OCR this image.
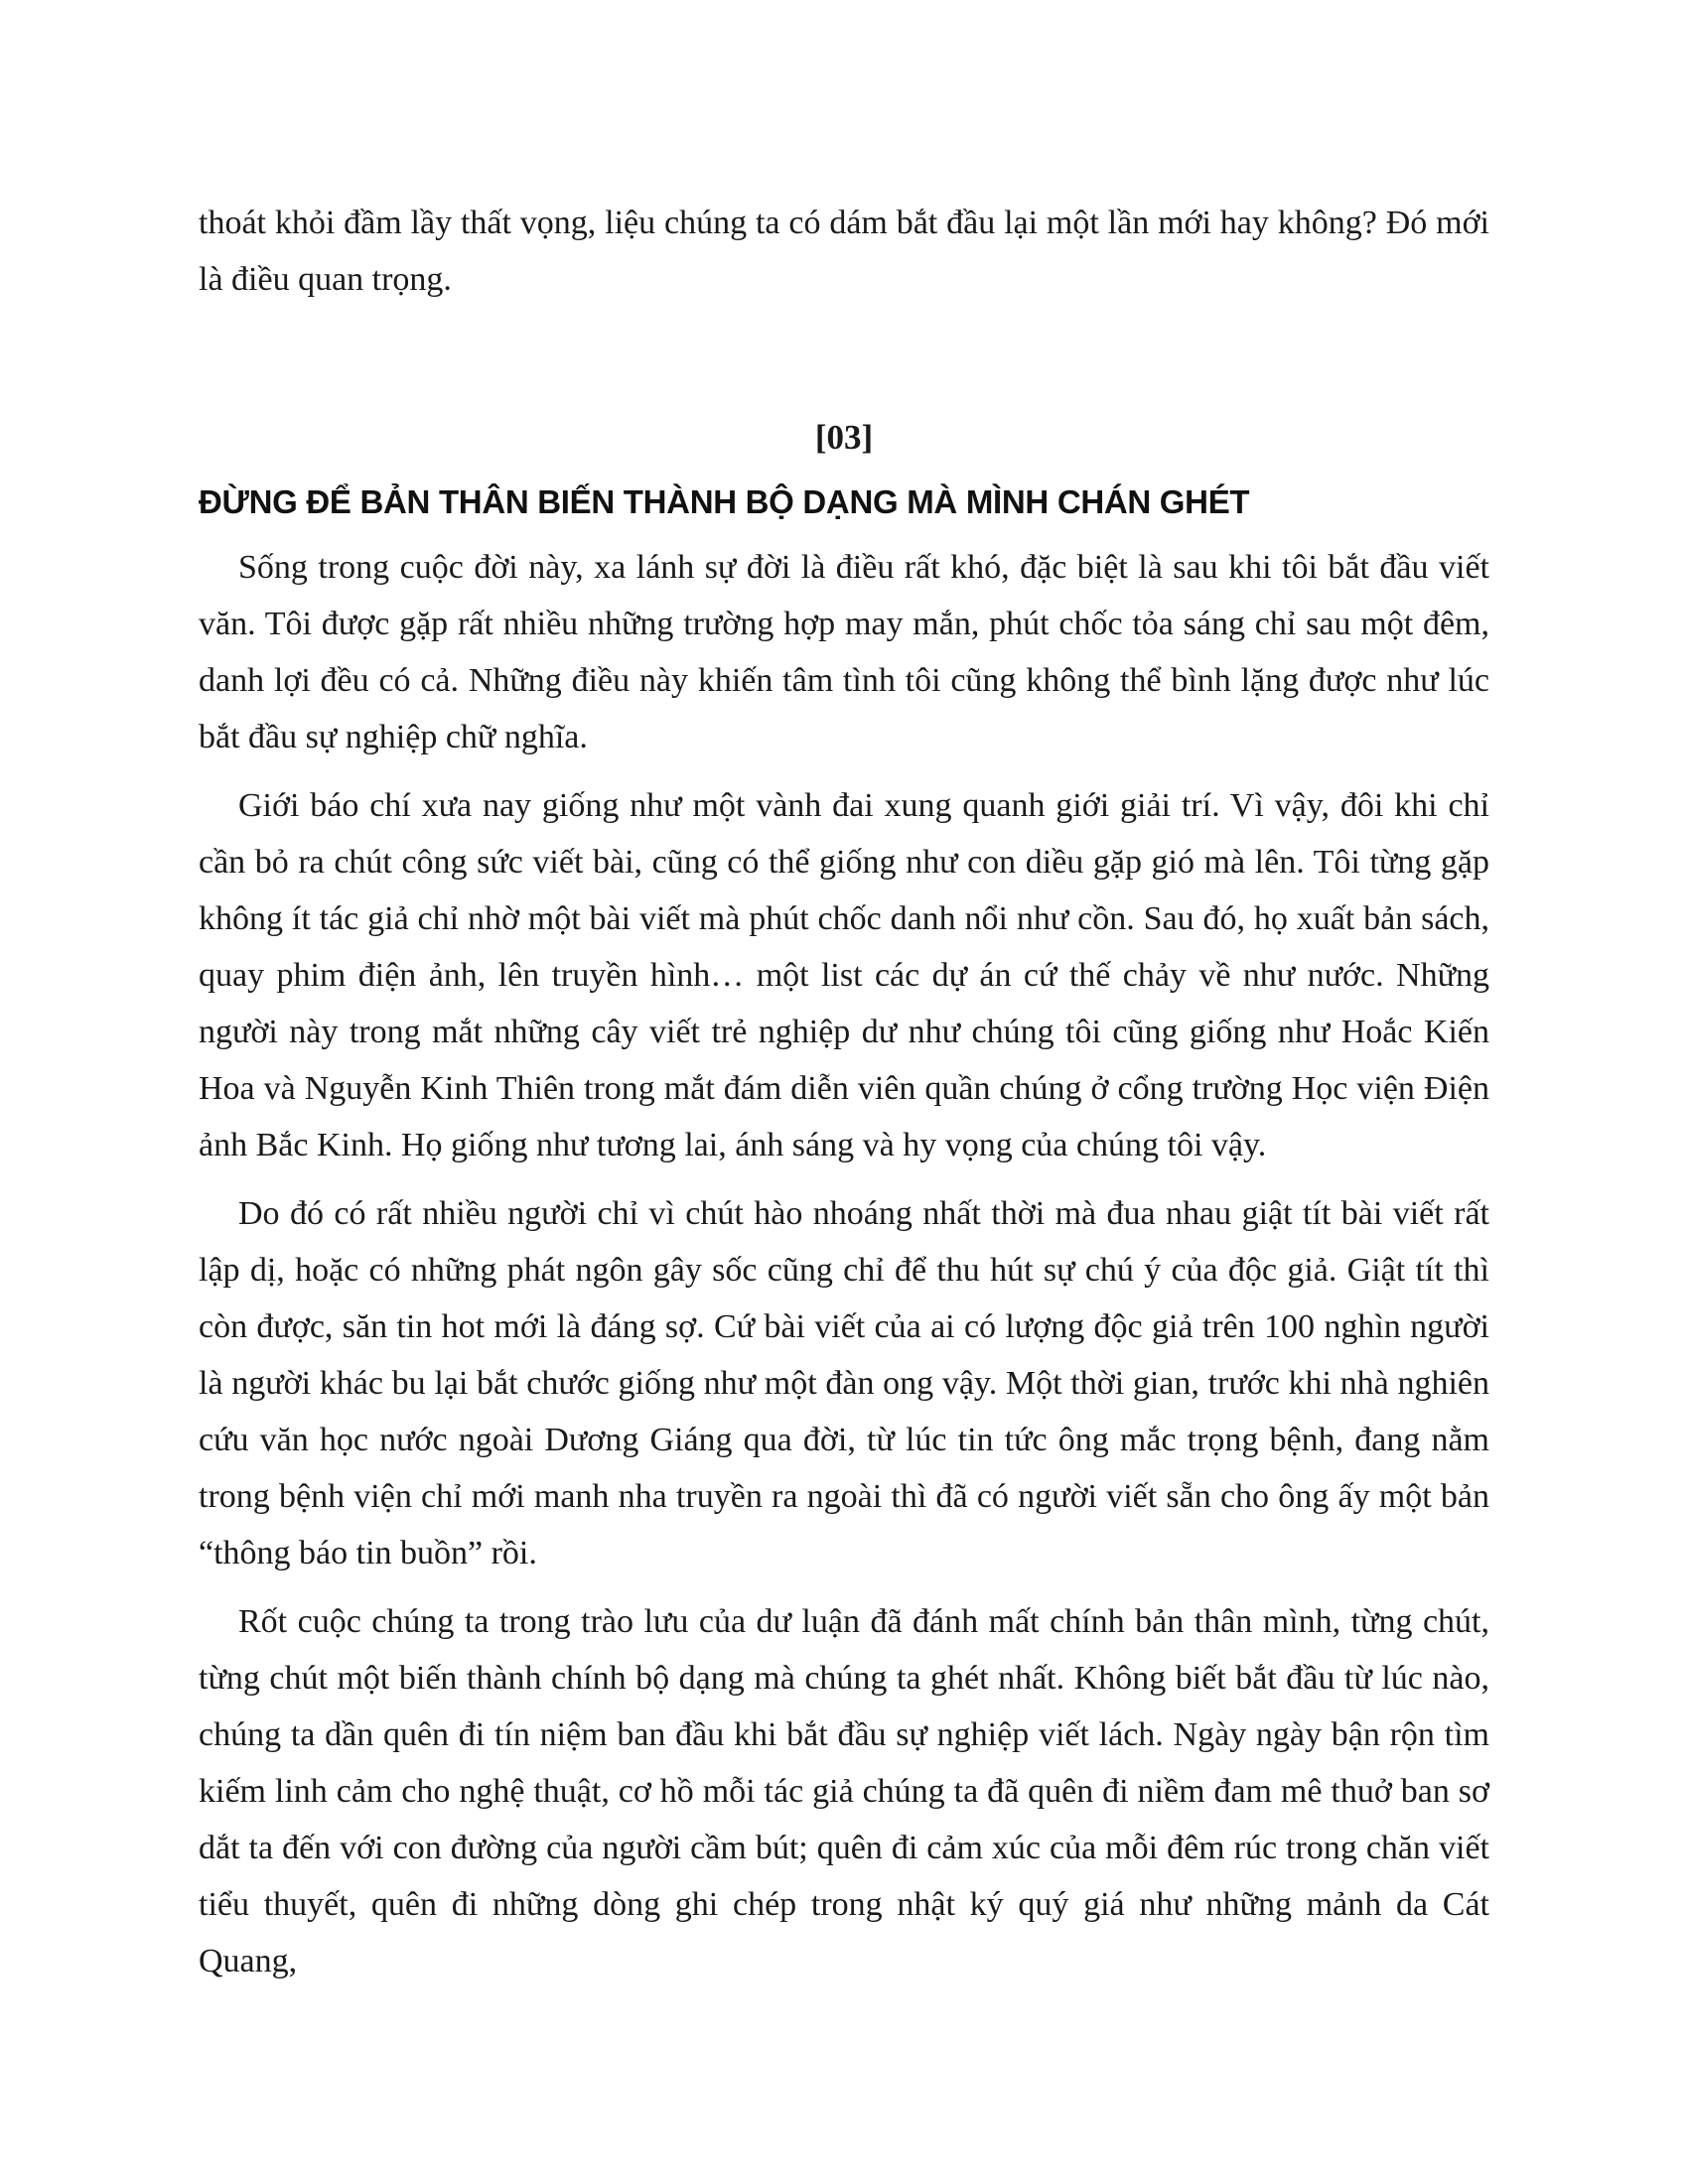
thoát khỏi đầm lầy thất vọng, liệu chúng ta có dám bắt đầu lại một lần mới hay không? Đó mới là điều quan trọng.

[03]
ĐỪNG ĐỂ BẢN THÂN BIẾN THÀNH BỘ DẠNG MÀ MÌNH CHÁN GHÉT

Sống trong cuộc đời này, xa lánh sự đời là điều rất khó, đặc biệt là sau khi tôi bắt đầu viết văn. Tôi được gặp rất nhiều những trường hợp may mắn, phút chốc tỏa sáng chỉ sau một đêm, danh lợi đều có cả. Những điều này khiến tâm tình tôi cũng không thể bình lặng được như lúc bắt đầu sự nghiệp chữ nghĩa.

Giới báo chí xưa nay giống như một vành đai xung quanh giới giải trí. Vì vậy, đôi khi chỉ cần bỏ ra chút công sức viết bài, cũng có thể giống như con diều gặp gió mà lên. Tôi từng gặp không ít tác giả chỉ nhờ một bài viết mà phút chốc danh nổi như cồn. Sau đó, họ xuất bản sách, quay phim điện ảnh, lên truyền hình… một list các dự án cứ thế chảy về như nước. Những người này trong mắt những cây viết trẻ nghiệp dư như chúng tôi cũng giống như Hoắc Kiến Hoa và Nguyễn Kinh Thiên trong mắt đám diễn viên quần chúng ở cổng trường Học viện Điện ảnh Bắc Kinh. Họ giống như tương lai, ánh sáng và hy vọng của chúng tôi vậy.

Do đó có rất nhiều người chỉ vì chút hào nhoáng nhất thời mà đua nhau giật tít bài viết rất lập dị, hoặc có những phát ngôn gây sốc cũng chỉ để thu hút sự chú ý của độc giả. Giật tít thì còn được, săn tin hot mới là đáng sợ. Cứ bài viết của ai có lượng độc giả trên 100 nghìn người là người khác bu lại bắt chước giống như một đàn ong vậy. Một thời gian, trước khi nhà nghiên cứu văn học nước ngoài Dương Giáng qua đời, từ lúc tin tức ông mắc trọng bệnh, đang nằm trong bệnh viện chỉ mới manh nha truyền ra ngoài thì đã có người viết sẵn cho ông ấy một bản “thông báo tin buồn” rồi.

Rốt cuộc chúng ta trong trào lưu của dư luận đã đánh mất chính bản thân mình, từng chút, từng chút một biến thành chính bộ dạng mà chúng ta ghét nhất. Không biết bắt đầu từ lúc nào, chúng ta dần quên đi tín niệm ban đầu khi bắt đầu sự nghiệp viết lách. Ngày ngày bận rộn tìm kiếm linh cảm cho nghệ thuật, cơ hồ mỗi tác giả chúng ta đã quên đi niềm đam mê thuở ban sơ dắt ta đến với con đường của người cầm bút; quên đi cảm xúc của mỗi đêm rúc trong chăn viết tiểu thuyết, quên đi những dòng ghi chép trong nhật ký quý giá như những mảnh da Cát Quang,
